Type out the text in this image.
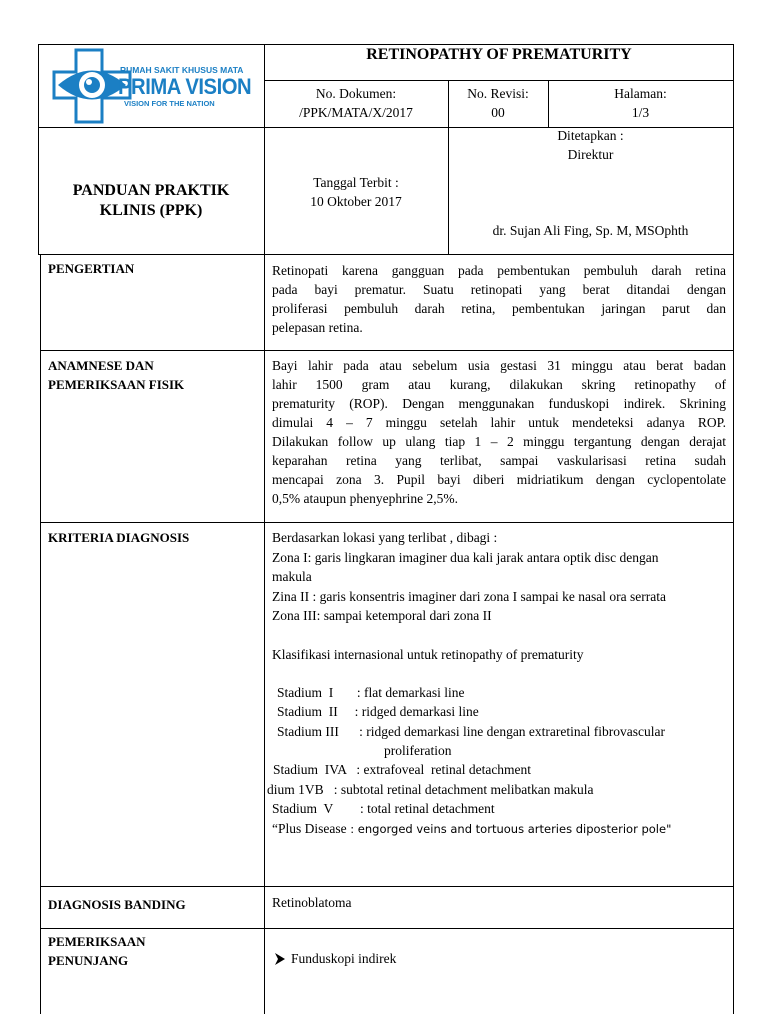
RUMAH SAKIT KHUSUS MATA
PRIMA VISION
VISION FOR THE NATION
RETINOPATHY OF PREMATURITY
No. Dokumen:
/PPK/MATA/X/2017
No. Revisi:
00
Halaman:
1/3
PANDUAN PRAKTIK
KLINIS (PPK)
Tanggal Terbit :
10 Oktober 2017
Ditetapkan :
Direktur
dr. Sujan Ali Fing, Sp. M, MSOphth
PENGERTIAN	Retinopati karena gangguan pada pembentukan pembuluh darah retina
pada bayi prematur. Suatu retinopati yang berat ditandai dengan
proliferasi pembuluh darah retina, pembentukan jaringan parut dan
pelepasan retina.
ANAMNESE DAN
PEMERIKSAAN FISIK
Bayi lahir pada atau sebelum usia gestasi 31 minggu atau berat badan
lahir 1500 gram atau kurang, dilakukan skring retinopathy of
prematurity (ROP). Dengan menggunakan funduskopi indirek. Skrining
dimulai 4 – 7 minggu setelah lahir untuk mendeteksi adanya ROP.
Dilakukan follow up ulang tiap 1 – 2 minggu tergantung dengan derajat
keparahan retina yang terlibat, sampai vaskularisasi retina sudah
mencapai zona 3. Pupil bayi diberi midriatikum dengan cyclopentolate
0,5% ataupun phenyephrine 2,5%.
KRITERIA DIAGNOSIS	Berdasarkan lokasi yang terlibat , dibagi :
Zona I: garis lingkaran imaginer dua kali jarak antara optik disc dengan
makula
Zina II : garis konsentris imaginer dari zona I sampai ke nasal ora serrata
Zona III: sampai ketemporal dari zona II
Klasifikasi internasional untuk retinopathy of prematurity
Stadium  I       : flat demarkasi line
Stadium  II     : ridged demarkasi line
Stadium III      : ridged demarkasi line dengan extraretinal fibrovascular
proliferation
Stadium  IVA   : extrafoveal  retinal detachment
dium 1VB   : subtotal retinal detachment melibatkan makula
Stadium  V        : total retinal detachment
“Plus Disease : engorged veins and tortuous arteries diposterior pole"
DIAGNOSIS BANDING	Retinoblatoma
PEMERIKSAAN
PENUNJANG	Funduskopi indirek
